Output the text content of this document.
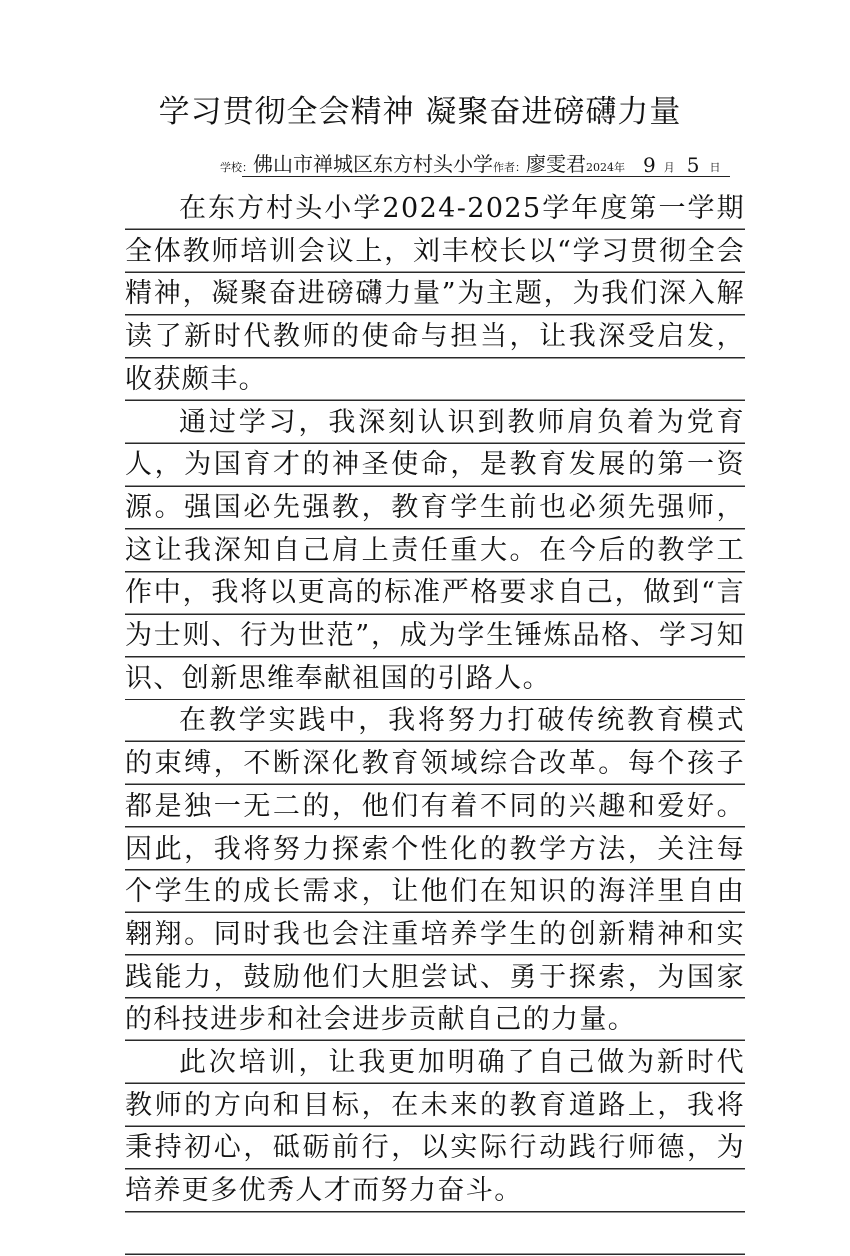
学习贯彻全会精神 凝聚奋进磅礴力量
学校：佛山市禅城区东方村头小学作者：廖雯君2024年 9 月 5 日

在东方村头小学2024-2025学年度第一学期全体教师培训会议上，刘丰校长以“学习贯彻全会精神，凝聚奋进磅礴力量”为主题，为我们深入解读了新时代教师的使命与担当，让我深受启发，收获颇丰。

通过学习，我深刻认识到教师肩负着为党育人，为国育才的神圣使命，是教育发展的第一资源。强国必先强教，教育学生前也必须先强师，这让我深知自己肩上责任重大。在今后的教学工作中，我将以更高的标准严格要求自己，做到“言为士则、行为世范”，成为学生锤炼品格、学习知识、创新思维奉献祖国的引路人。

在教学实践中，我将努力打破传统教育模式的束缚，不断深化教育领域综合改革。每个孩子都是独一无二的，他们有着不同的兴趣和爱好。因此，我将努力探索个性化的教学方法，关注每个学生的成长需求，让他们在知识的海洋里自由翱翔。同时我也会注重培养学生的创新精神和实践能力，鼓励他们大胆尝试、勇于探索，为国家的科技进步和社会进步贡献自己的力量。

此次培训，让我更加明确了自己做为新时代教师的方向和目标，在未来的教育道路上，我将秉持初心，砥砺前行，以实际行动践行师德，为培养更多优秀人才而努力奋斗。
